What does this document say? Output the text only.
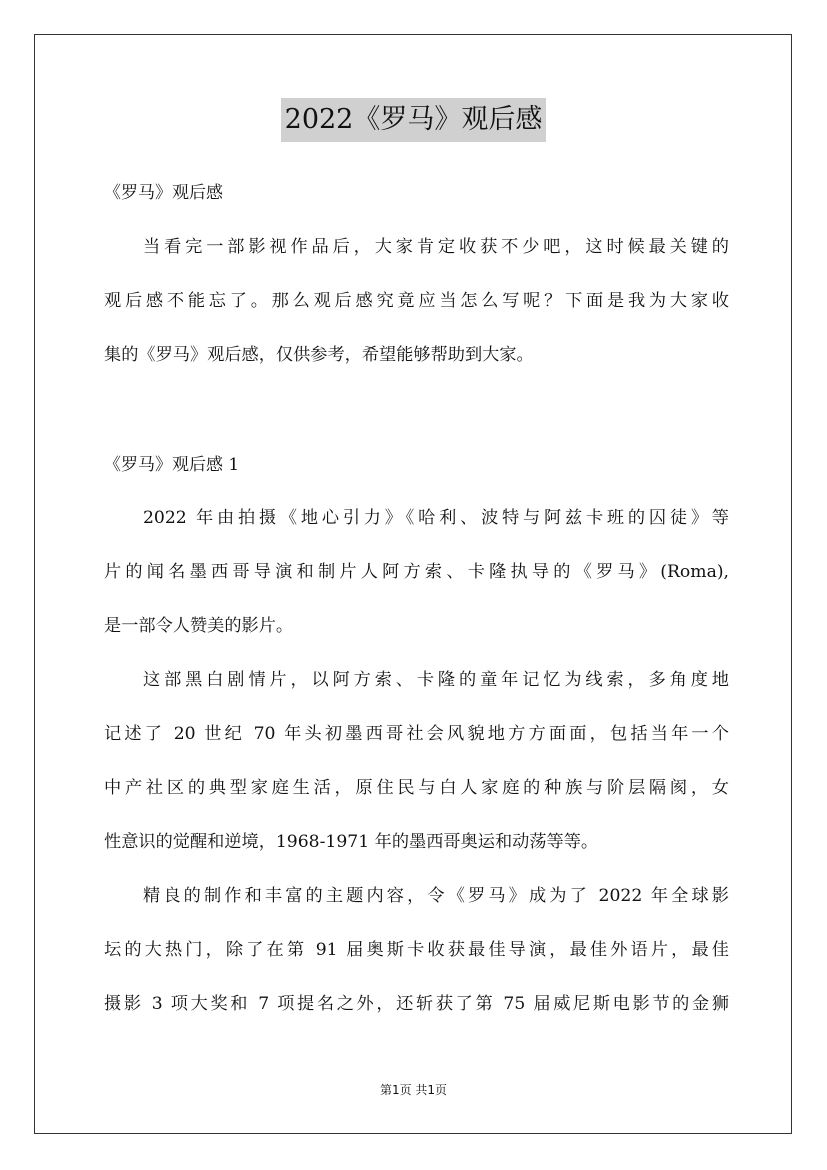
2022《罗马》观后感
《罗马》观后感
当看完一部影视作品后，大家肯定收获不少吧，这时候最关键的
观后感不能忘了。那么观后感究竟应当怎么写呢？下面是我为大家收
集的《罗马》观后感，仅供参考，希望能够帮助到大家。
《罗马》观后感 1
2022 年由拍摄《地心引力》《哈利、波特与阿兹卡班的囚徒》等
片的闻名墨西哥导演和制片人阿方索、卡隆执导的《罗马》(Roma),
是一部令人赞美的影片。
这部黑白剧情片，以阿方索、卡隆的童年记忆为线索，多角度地
记述了 20 世纪 70 年头初墨西哥社会风貌地方方面面，包括当年一个
中产社区的典型家庭生活，原住民与白人家庭的种族与阶层隔阂，女
性意识的觉醒和逆境，1968-1971 年的墨西哥奥运和动荡等等。
精良的制作和丰富的主题内容，令《罗马》成为了 2022 年全球影
坛的大热门，除了在第 91 届奥斯卡收获最佳导演，最佳外语片，最佳
摄影 3 项大奖和 7 项提名之外，还斩获了第 75 届威尼斯电影节的金狮
第1页 共1页
